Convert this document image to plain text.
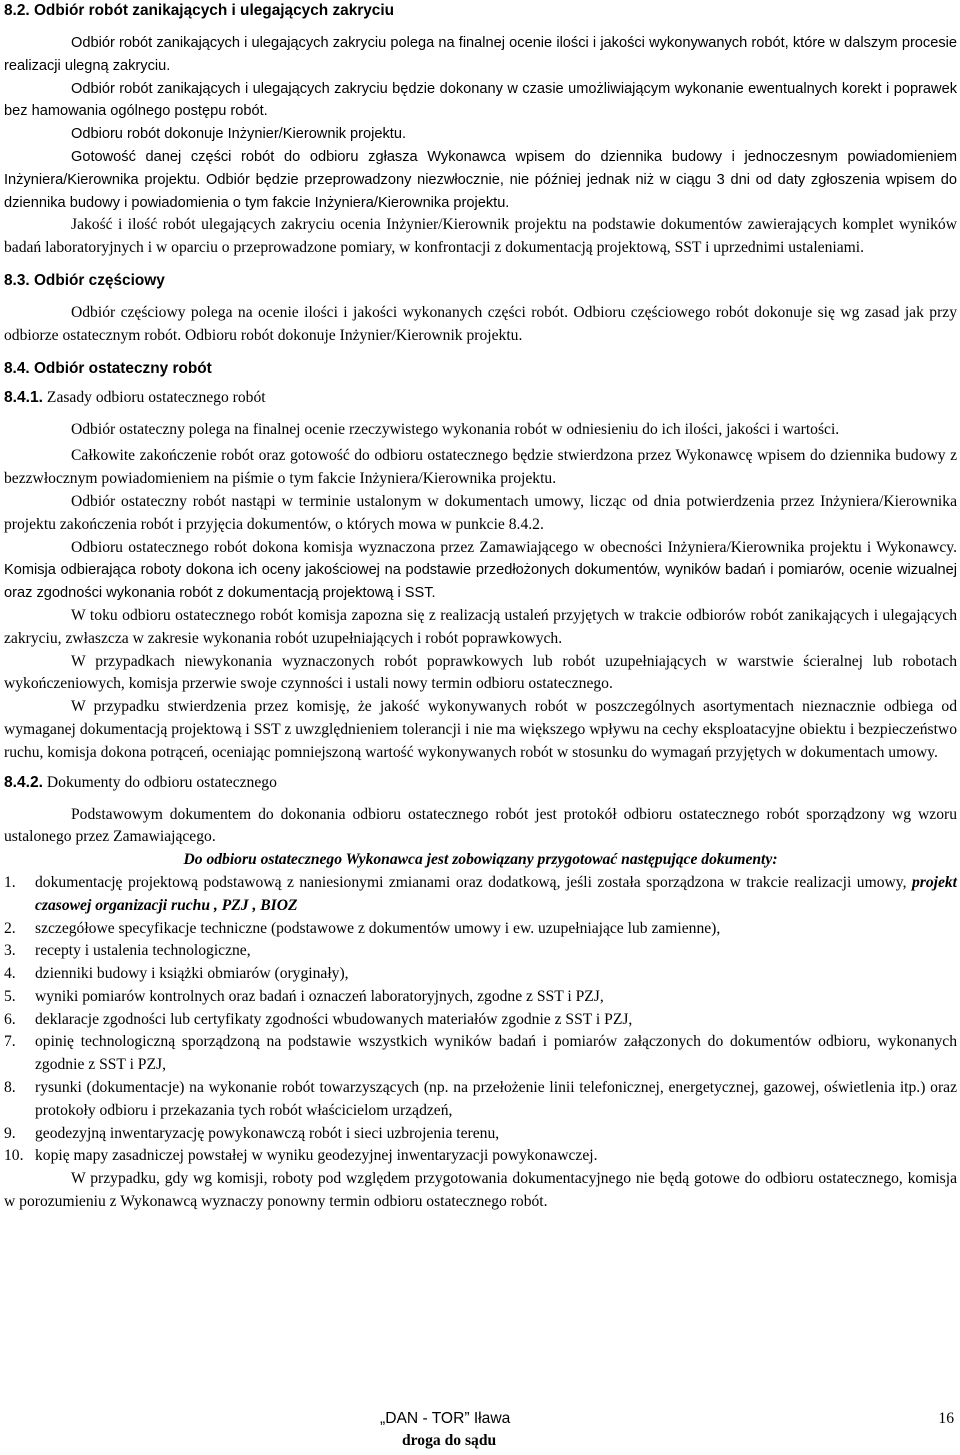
8.2. Odbiór robót zanikających i ulegających zakryciu

Odbiór robót zanikających i ulegających zakryciu polega na finalnej ocenie ilości i jakości wykonywanych robót, które w dalszym procesie realizacji ulegną zakryciu.

Odbiór robót zanikających i ulegających zakryciu będzie dokonany w czasie umożliwiającym wykonanie ewentualnych korekt i poprawek bez hamowania ogólnego postępu robót.

Odbioru robót dokonuje Inżynier/Kierownik projektu.

Gotowość danej części robót do odbioru zgłasza Wykonawca wpisem do dziennika budowy i jednoczesnym powiadomieniem Inżyniera/Kierownika projektu. Odbiór będzie przeprowadzony niezwłocznie, nie później jednak niż w ciągu 3 dni od daty zgłoszenia wpisem do dziennika budowy i powiadomienia o tym fakcie Inżyniera/Kierownika projektu.

Jakość i ilość robót ulegających zakryciu ocenia Inżynier/Kierownik projektu na podstawie dokumentów zawierających komplet wyników badań laboratoryjnych i w oparciu o przeprowadzone pomiary, w konfrontacji z dokumentacją projektową, SST i uprzednimi ustaleniami.

8.3. Odbiór częściowy

Odbiór częściowy polega na ocenie ilości i jakości wykonanych części robót. Odbioru częściowego robót dokonuje się wg zasad jak przy odbiorze ostatecznym robót. Odbioru robót dokonuje Inżynier/Kierownik projektu.

8.4. Odbiór ostateczny robót
8.4.1. Zasady odbioru ostatecznego robót

Odbiór ostateczny polega na finalnej ocenie rzeczywistego wykonania robót w odniesieniu do ich ilości, jakości i wartości.

Całkowite zakończenie robót oraz gotowość do odbioru ostatecznego będzie stwierdzona przez Wykonawcę wpisem do dziennika budowy z bezzwłocznym powiadomieniem na piśmie o tym fakcie Inżyniera/Kierownika projektu.

Odbiór ostateczny robót nastąpi w terminie ustalonym w dokumentach umowy, licząc od dnia potwierdzenia przez Inżyniera/Kierownika projektu zakończenia robót i przyjęcia dokumentów, o których mowa w punkcie 8.4.2.

Odbioru ostatecznego robót dokona komisja wyznaczona przez Zamawiającego w obecności Inżyniera/Kierownika projektu i Wykonawcy. Komisja odbierająca roboty dokona ich oceny jakościowej na podstawie przedłożonych dokumentów, wyników badań i pomiarów, ocenie wizualnej oraz zgodności wykonania robót z dokumentacją projektową i SST.

W toku odbioru ostatecznego robót komisja zapozna się z realizacją ustaleń przyjętych w trakcie odbiorów robót zanikających i ulegających zakryciu, zwłaszcza w zakresie wykonania robót uzupełniających i robót poprawkowych.

W przypadkach niewykonania wyznaczonych robót poprawkowych lub robót uzupełniających w warstwie ścieralnej lub robotach wykończeniowych, komisja przerwie swoje czynności i ustali nowy termin odbioru ostatecznego.

W przypadku stwierdzenia przez komisję, że jakość wykonywanych robót w poszczególnych asortymentach nieznacznie odbiega od wymaganej dokumentacją projektową i SST z uwzględnieniem tolerancji i nie ma większego wpływu na cechy eksploatacyjne obiektu i bezpieczeństwo ruchu, komisja dokona potrąceń, oceniając pomniejszoną wartość wykonywanych robót w stosunku do wymagań przyjętych w dokumentach umowy.

8.4.2. Dokumenty do odbioru ostatecznego

Podstawowym dokumentem do dokonania odbioru ostatecznego robót jest protokół odbioru ostatecznego robót sporządzony wg wzoru ustalonego przez Zamawiającego.

Do odbioru ostatecznego Wykonawca jest zobowiązany przygotować następujące dokumenty:

1. dokumentację projektową podstawową z naniesionymi zmianami oraz dodatkową, jeśli została sporządzona w trakcie realizacji umowy, projekt czasowej organizacji ruchu , PZJ , BIOZ
2. szczegółowe specyfikacje techniczne (podstawowe z dokumentów umowy i ew. uzupełniające lub zamienne),
3. recepty i ustalenia technologiczne,
4. dzienniki budowy i książki obmiarów (oryginały),
5. wyniki pomiarów kontrolnych oraz badań i oznaczeń laboratoryjnych, zgodne z SST i PZJ,
6. deklaracje zgodności lub certyfikaty zgodności wbudowanych materiałów zgodnie z SST i PZJ,
7. opinię technologiczną sporządzoną na podstawie wszystkich wyników badań i pomiarów załączonych do dokumentów odbioru, wykonanych zgodnie z SST i PZJ,
8. rysunki (dokumentacje) na wykonanie robót towarzyszących (np. na przełożenie linii telefonicznej, energetycznej, gazowej, oświetlenia itp.) oraz protokoły odbioru i przekazania tych robót właścicielom urządzeń,
9. geodezyjną inwentaryzację powykonawczą robót i sieci uzbrojenia terenu,
10. kopię mapy zasadniczej powstałej w wyniku geodezyjnej inwentaryzacji powykonawczej.

W przypadku, gdy wg komisji, roboty pod względem przygotowania dokumentacyjnego nie będą gotowe do odbioru ostatecznego, komisja w porozumieniu z Wykonawcą wyznaczy ponowny termin odbioru ostatecznego robót.

„DAN - TOR” Iława
droga do sądu
16
